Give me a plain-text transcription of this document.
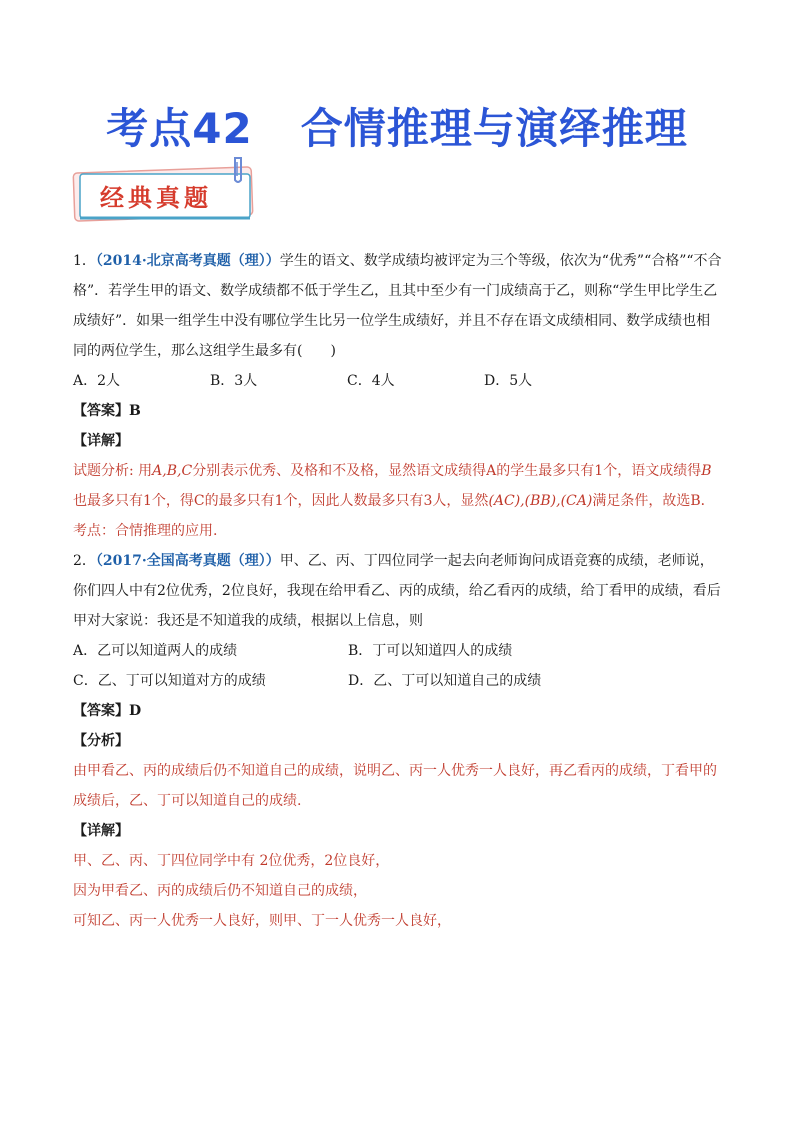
考点42 合情推理与演绎推理
经典真题

1．（2014·北京高考真题（理））学生的语文、数学成绩均被评定为三个等级，依次为“优秀”“合格”“不合格”．若学生甲的语文、数学成绩都不低于学生乙，且其中至少有一门成绩高于乙，则称“学生甲比学生乙成绩好”．如果一组学生中没有哪位学生比另一位学生成绩好，并且不存在语文成绩相同、数学成绩也相同的两位学生，那么这组学生最多有(　　)

A．2人	B．3人	C．4人	D．5人

【答案】B

【详解】

试题分析: 用A,B,C分别表示优秀、及格和不及格，显然语文成绩得A的学生最多只有1个，语文成绩得B也最多只有1个，得C的最多只有1个，因此人数最多只有3人，显然(AC),(BB),(CA)满足条件，故选B．

考点：合情推理的应用.

2．（2017·全国高考真题（理））甲、乙、丙、丁四位同学一起去向老师询问成语竞赛的成绩，老师说，你们四人中有2位优秀，2位良好，我现在给甲看乙、丙的成绩，给乙看丙的成绩，给丁看甲的成绩，看后甲对大家说：我还是不知道我的成绩，根据以上信息，则

A．乙可以知道两人的成绩	B．丁可以知道四人的成绩
C．乙、丁可以知道对方的成绩	D．乙、丁可以知道自己的成绩

【答案】D

【分析】

由甲看乙、丙的成绩后仍不知道自己的成绩，说明乙、丙一人优秀一人良好，再乙看丙的成绩，丁看甲的成绩后，乙、丁可以知道自己的成绩.

【详解】

甲、乙、丙、丁四位同学中有 2位优秀，2位良好，

因为甲看乙、丙的成绩后仍不知道自己的成绩，

可知乙、丙一人优秀一人良好，则甲、丁一人优秀一人良好，
